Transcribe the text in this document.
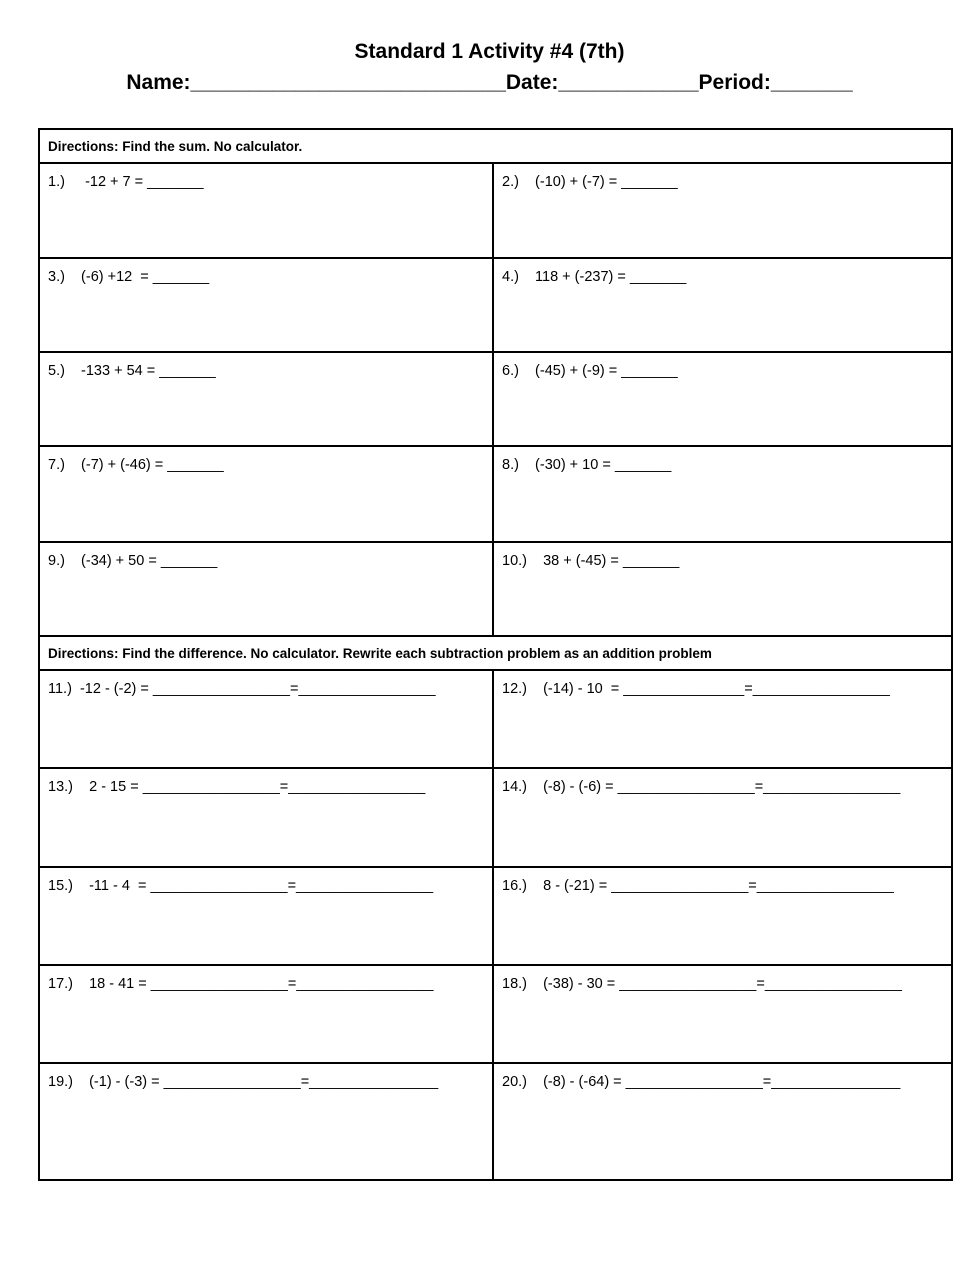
Standard 1 Activity #4 (7th)
Name:___________________________Date:____________Period:_______
Directions: Find the sum. No calculator.	
1.)     -12 + 7 = _______	2.)    (-10) + (-7) = _______
3.)    (-6) +12  = _______	4.)    118 + (-237) = _______
5.)    -133 + 54 = _______	6.)    (-45) + (-9) = _______
7.)    (-7) + (-46) = _______	8.)    (-30) + 10 = _______
9.)    (-34) + 50 = _______	10.)    38 + (-45) = _______
Directions: Find the difference. No calculator. Rewrite each subtraction problem as an addition problem	
11.)  -12 - (-2) = _________________=_________________	12.)    (-14) - 10  = _______________=_________________
13.)    2 - 15 = _________________=_________________	14.)    (-8) - (-6) = _________________=_________________
15.)    -11 - 4  = _________________=_________________	16.)    8 - (-21) = _________________=_________________
17.)    18 - 41 = _________________=_________________	18.)    (-38) - 30 = _________________=_________________
19.)    (-1) - (-3) = _________________=________________	20.)    (-8) - (-64) = _________________=________________
